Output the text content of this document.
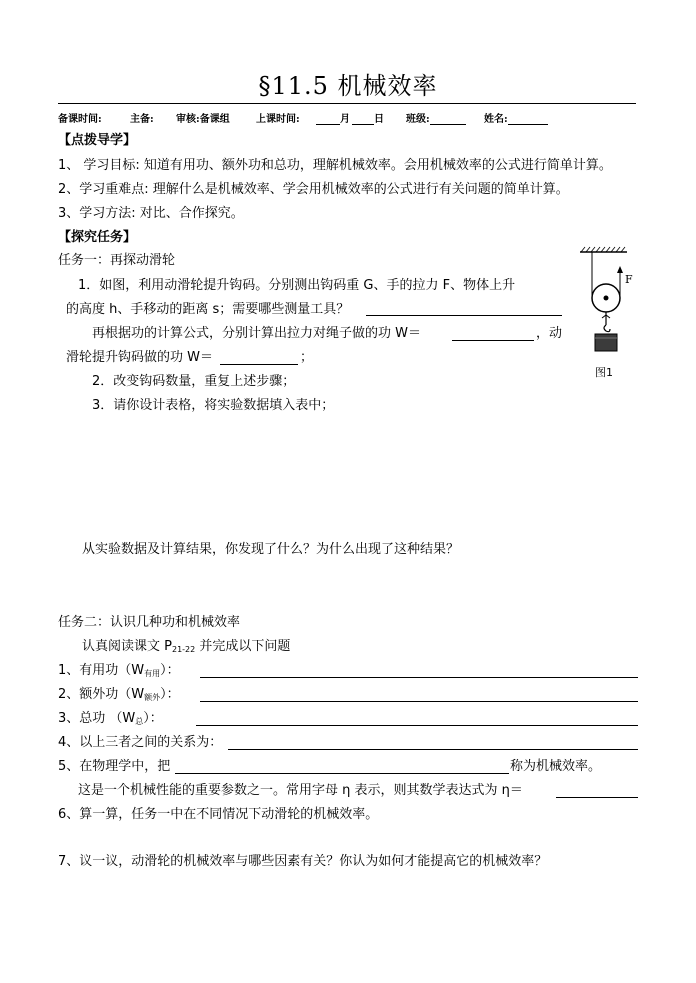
§11.5 机械效率
备课时间:	主备: 审核:备课组	上课时间:	月	日 班级:	姓名:
【点拨导学】
1、 学习目标: 知道有用功、额外功和总功，理解机械效率。会用机械效率的公式进行简单计算。
2、学习重难点: 理解什么是机械效率、学会用机械效率的公式进行有关问题的简单计算。
3、学习方法: 对比、合作探究。
【探究任务】
任务一：再探动滑轮
1．如图，利用动滑轮提升钩码。分别测出钩码重 G、手的拉力 F、物体上升
的高度 h、手移动的距离 s；需要哪些测量工具？
再根据功的计算公式，分别计算出拉力对绳子做的功 W＝	，动
滑轮提升钩码做的功 W＝	；
2．改变钩码数量，重复上述步骤；
3．请你设计表格，将实验数据填入表中；
F
图1
从实验数据及计算结果，你发现了什么？为什么出现了这种结果？
任务二：认识几种功和机械效率
认真阅读课文 $P_{21-22}$ 并完成以下问题
1、有用功$(W_{有用})$：
2、额外功$(W_{额外})$：
3、总功 $(W_总)$：
4、以上三者之间的关系为：
5、在物理学中，把	称为机械效率。
这是一个机械性能的重要参数之一。常用字母 η 表示，则其数学表达式为 η＝
6、算一算，任务一中在不同情况下动滑轮的机械效率。
7、议一议，动滑轮的机械效率与哪些因素有关？你认为如何才能提高它的机械效率？
